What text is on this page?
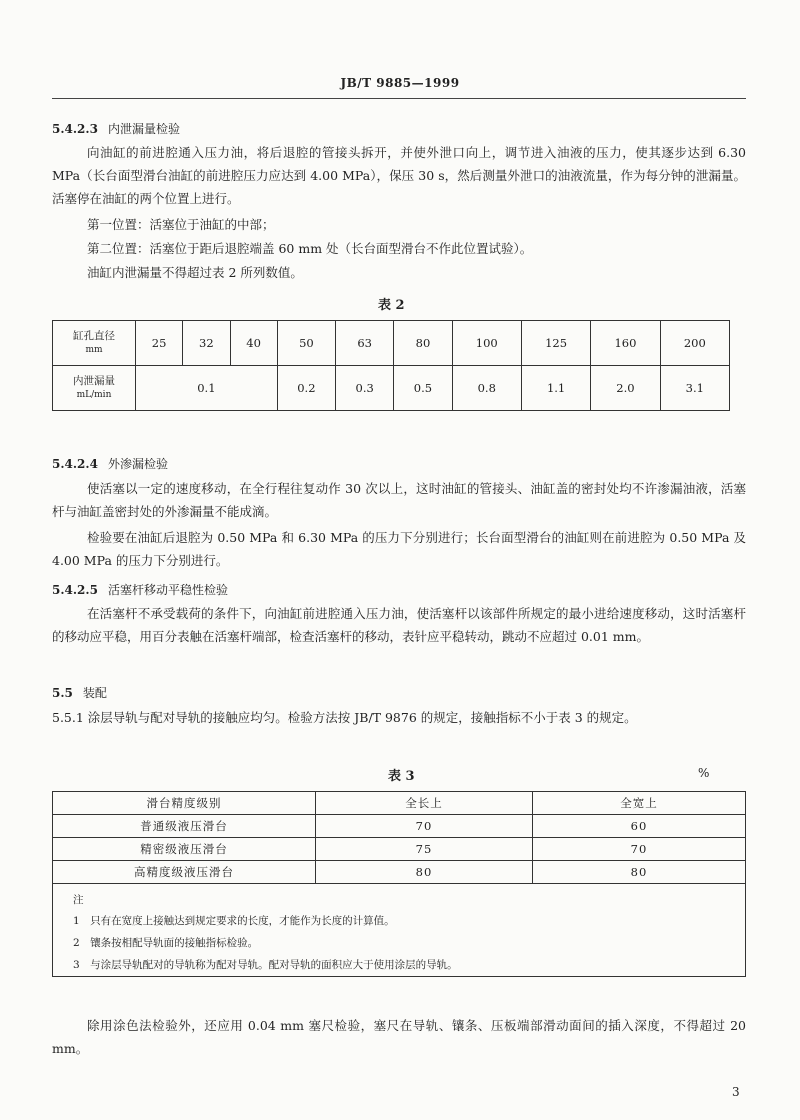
JB/T 9885—1999
5.4.2.3 内泄漏量检验
向油缸的前进腔通入压力油，将后退腔的管接头拆开，并使外泄口向上，调节进入油液的压力，使其逐步达到 6.30 MPa（长台面型滑台油缸的前进腔压力应达到 4.00 MPa），保压 30 s，然后测量外泄口的油液流量，作为每分钟的泄漏量。活塞停在油缸的两个位置上进行。
第一位置：活塞位于油缸的中部；
第二位置：活塞位于距后退腔端盖 60 mm 处（长台面型滑台不作此位置试验）。
油缸内泄漏量不得超过表 2 所列数值。
表 2
缸孔直径
mm	25	32	40	50	63	80	100	125	160	200
内泄漏量
mL/min	0.1			0.2	0.3	0.5	0.8	1.1	2.0	3.1
5.4.2.4 外渗漏检验
使活塞以一定的速度移动，在全行程往复动作 30 次以上，这时油缸的管接头、油缸盖的密封处均不许渗漏油液，活塞杆与油缸盖密封处的外渗漏量不能成滴。
检验要在油缸后退腔为 0.50 MPa 和 6.30 MPa 的压力下分别进行；长台面型滑台的油缸则在前进腔为 0.50 MPa 及 4.00 MPa 的压力下分别进行。
5.4.2.5 活塞杆移动平稳性检验
在活塞杆不承受载荷的条件下，向油缸前进腔通入压力油，使活塞杆以该部件所规定的最小进给速度移动，这时活塞杆的移动应平稳，用百分表触在活塞杆端部，检查活塞杆的移动，表针应平稳转动，跳动不应超过 0.01 mm。
5.5 装配
5.5.1 涂层导轨与配对导轨的接触应均匀。检验方法按 JB/T 9876 的规定，接触指标不小于表 3 的规定。
表 3	%
滑台精度级别	全长上	全宽上
普通级液压滑台	70	60
精密级液压滑台	75	70
高精度级液压滑台	80	80

注
1　只有在宽度上接触达到规定要求的长度，才能作为长度的计算值。
2　镶条按相配导轨面的接触指标检验。
3　与涂层导轨配对的导轨称为配对导轨。配对导轨的面积应大于使用涂层的导轨。		
除用涂色法检验外，还应用 0.04 mm 塞尺检验，塞尺在导轨、镶条、压板端部滑动面间的插入深度，不得超过 20 mm。
3
